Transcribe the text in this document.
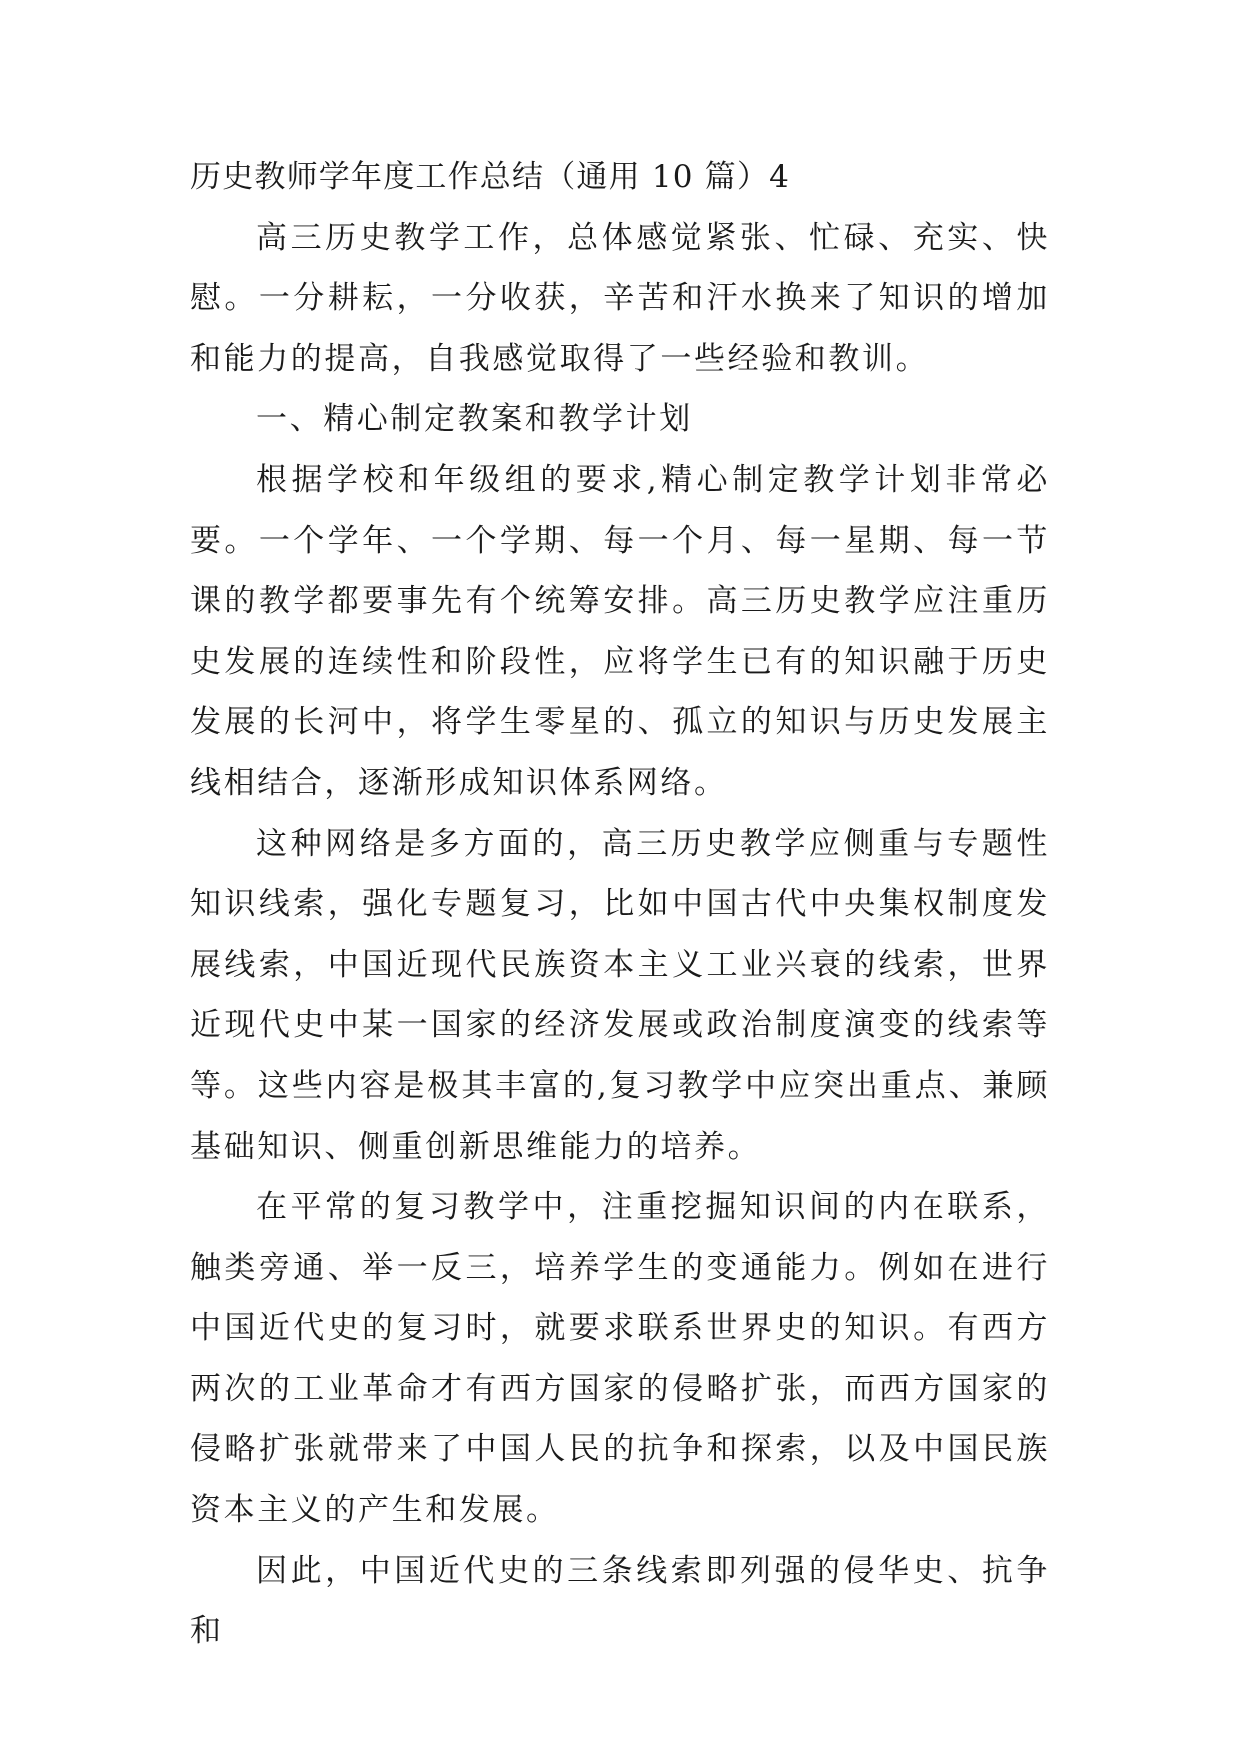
历史教师学年度工作总结（通用 10 篇）4

高三历史教学工作，总体感觉紧张、忙碌、充实、快慰。一分耕耘，一分收获，辛苦和汗水换来了知识的增加和能力的提高，自我感觉取得了一些经验和教训。

一、精心制定教案和教学计划

根据学校和年级组的要求,精心制定教学计划非常必要。一个学年、一个学期、每一个月、每一星期、每一节课的教学都要事先有个统筹安排。高三历史教学应注重历史发展的连续性和阶段性，应将学生已有的知识融于历史发展的长河中，将学生零星的、孤立的知识与历史发展主线相结合，逐渐形成知识体系网络。

这种网络是多方面的，高三历史教学应侧重与专题性知识线索，强化专题复习，比如中国古代中央集权制度发展线索，中国近现代民族资本主义工业兴衰的线索，世界近现代史中某一国家的经济发展或政治制度演变的线索等等。这些内容是极其丰富的,复习教学中应突出重点、兼顾基础知识、侧重创新思维能力的培养。

在平常的复习教学中，注重挖掘知识间的内在联系，触类旁通、举一反三，培养学生的变通能力。例如在进行中国近代史的复习时，就要求联系世界史的知识。有西方两次的工业革命才有西方国家的侵略扩张，而西方国家的侵略扩张就带来了中国人民的抗争和探索，以及中国民族资本主义的产生和发展。

因此，中国近代史的三条线索即列强的侵华史、抗争和
